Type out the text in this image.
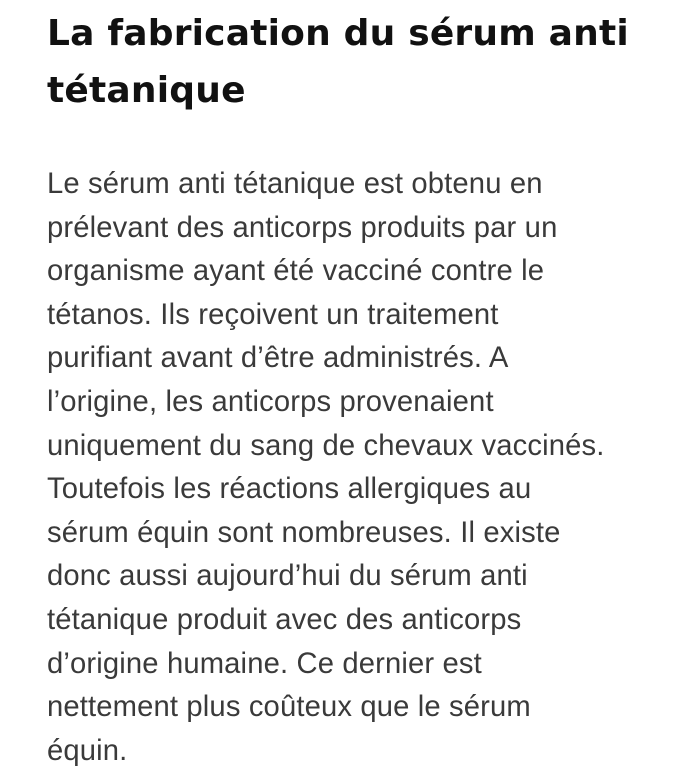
La fabrication du sérum anti
tétanique

Le sérum anti tétanique est obtenu en
prélevant des anticorps produits par un
organisme ayant été vacciné contre le
tétanos. Ils reçoivent un traitement
purifiant avant d’être administrés. A
l’origine, les anticorps provenaient
uniquement du sang de chevaux vaccinés.
Toutefois les réactions allergiques au
sérum équin sont nombreuses. Il existe
donc aussi aujourd’hui du sérum anti
tétanique produit avec des anticorps
d’origine humaine. Ce dernier est
nettement plus coûteux que le sérum
équin.
